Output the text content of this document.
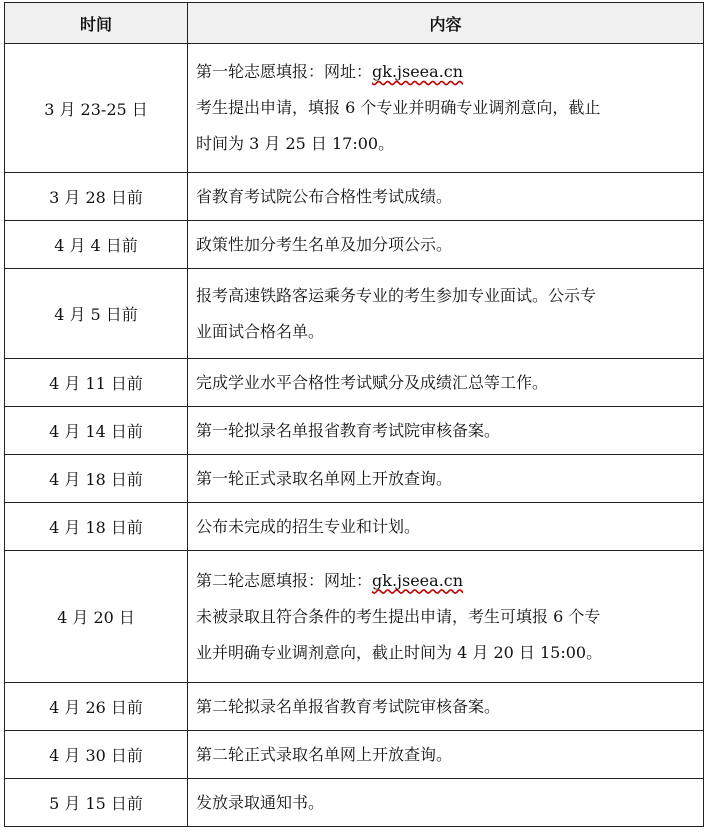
时间	内容
3 月 23-25 日	第一轮志愿填报：网址：gk.jseea.cn
考生提出申请，填报 6 个专业并明确专业调剂意向，截止
时间为 3 月 25 日 17:00。

3 月 28 日前	省教育考试院公布合格性考试成绩。

4 月 4 日前	政策性加分考生名单及加分项公示。

4 月 5 日前	报考高速铁路客运乘务专业的考生参加专业面试。公示专
业面试合格名单。

4 月 11 日前	完成学业水平合格性考试赋分及成绩汇总等工作。

4 月 14 日前	第一轮拟录名单报省教育考试院审核备案。

4 月 18 日前	第一轮正式录取名单网上开放查询。

4 月 18 日前	公布未完成的招生专业和计划。

4 月 20 日	第二轮志愿填报：网址：gk.jseea.cn
未被录取且符合条件的考生提出申请，考生可填报 6 个专
业并明确专业调剂意向，截止时间为 4 月 20 日 15:00。

4 月 26 日前	第二轮拟录名单报省教育考试院审核备案。

4 月 30 日前	第二轮正式录取名单网上开放查询。

5 月 15 日前	发放录取通知书。
